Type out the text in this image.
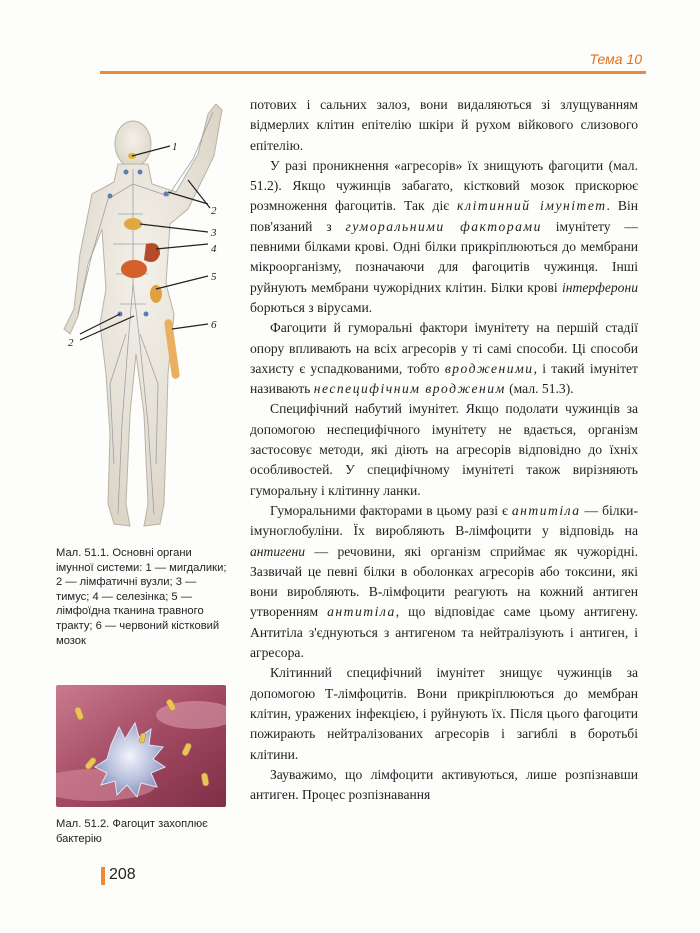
Тема 10
1
2
3
4
5
6
2
Мал. 51.1. Основні органи імунної системи: 1 — мигдалики; 2 — лімфатичні вузли; 3 — тимус; 4 — селезінка; 5 — лімфоїдна тканина травного тракту; 6 — червоний кістковий мозок
Мал. 51.2. Фагоцит захоплює бактерію

потових і сальних залоз, вони видаляються зі злущуванням відмерлих клітин епітелію шкіри й рухом війкового слизового епітелію.

У разі проникнення «агресорів» їх знищують фагоцити (мал. 51.2). Якщо чужинців забагато, кістковий мозок прискорює розмноження фагоцитів. Так діє клітинний імунітет. Він пов'язаний з гуморальними факторами імунітету — певними білками крові. Одні білки прикріплюються до мембрани мікроорганізму, позначаючи для фагоцитів чужинця. Інші руйнують мембрани чужорідних клітин. Білки крові інтерферони борються з вірусами.

Фагоцити й гуморальні фактори імунітету на першій стадії опору впливають на всіх агресорів у ті самі способи. Ці способи захисту є успадкованими, тобто вродженими, і такий імунітет називають неспецифічним вродженим (мал. 51.3).

Специфічний набутий імунітет. Якщо подолати чужинців за допомогою неспецифічного імунітету не вдається, організм застосовує методи, які діють на агресорів відповідно до їхніх особливостей. У специфічному імунітеті також вирізняють гуморальну і клітинну ланки.

Гуморальними факторами в цьому разі є антитіла — білки-імуноглобуліни. Їх виробляють В-лімфоцити у відповідь на антигени — речовини, які організм сприймає як чужорідні. Зазвичай це певні білки в оболонках агресорів або токсини, які вони виробляють. В-лімфоцити реагують на кожний антиген утворенням антитіла, що відповідає саме цьому антигену. Антитіла з'єднуються з антигеном та нейтралізують і антиген, і агресора.

Клітинний специфічний імунітет знищує чужинців за допомогою Т-лімфоцитів. Вони прикріплюються до мембран клітин, уражених інфекцією, і руйнують їх. Після цього фагоцити пожирають нейтралізованих агресорів і загиблі в боротьбі клітини.

Зауважимо, що лімфоцити активуються, лише розпізнавши антиген. Процес розпізнавання

208
